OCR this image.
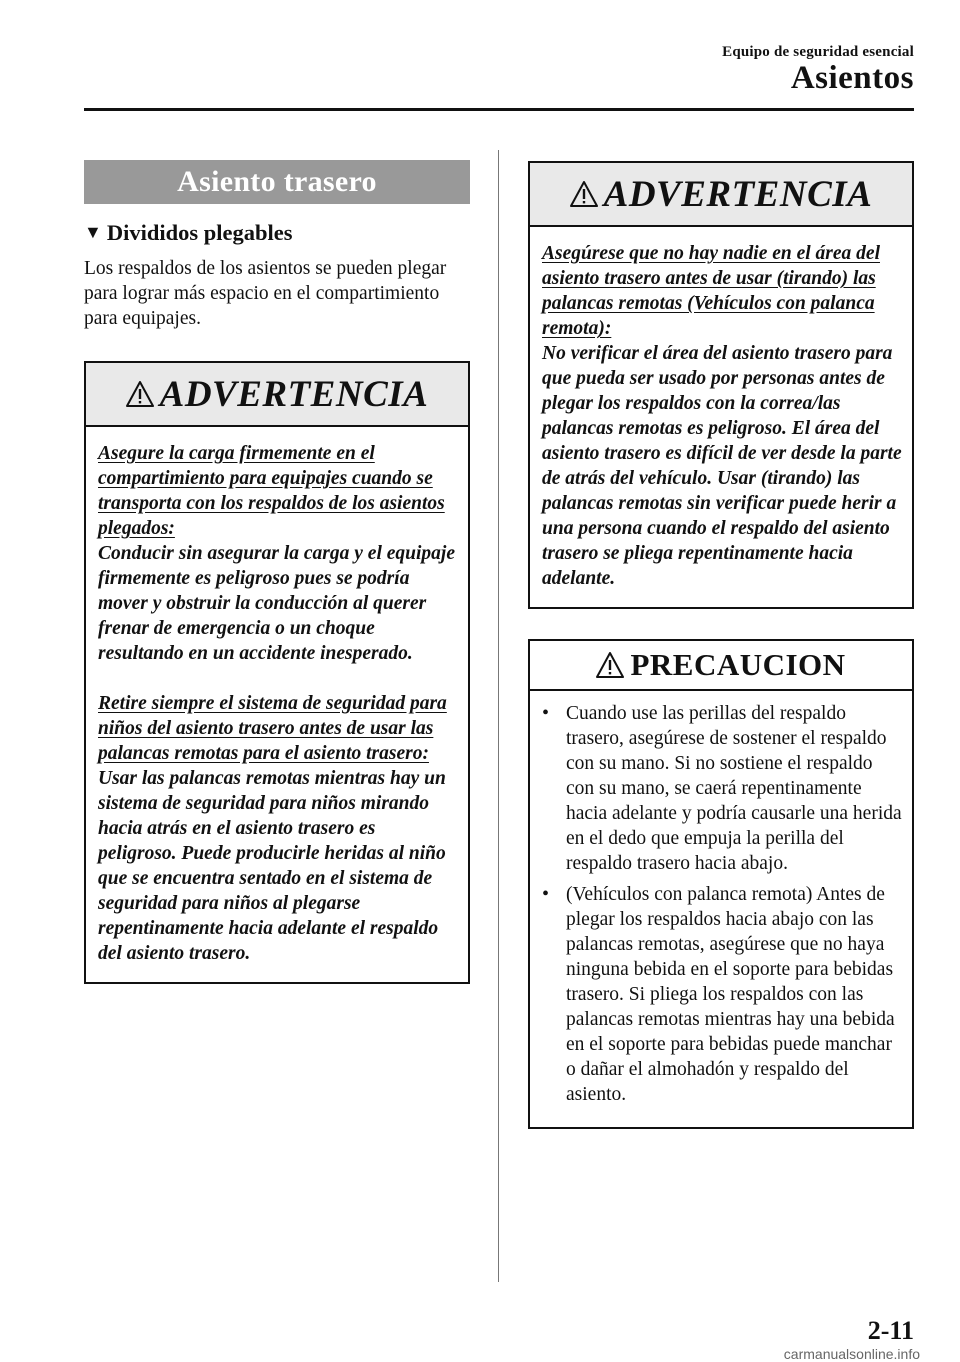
Equipo de seguridad esencial
Asientos
Asiento trasero
▼ Divididos plegables
Los respaldos de los asientos se pueden plegar para lograr más espacio en el compartimiento para equipajes.
ADVERTENCIA
Asegure la carga firmemente en el compartimiento para equipajes cuando se transporta con los respaldos de los asientos plegados:
Conducir sin asegurar la carga y el equipaje firmemente es peligroso pues se podría mover y obstruir la conducción al querer frenar de emergencia o un choque resultando en un accidente inesperado.
Retire siempre el sistema de seguridad para niños del asiento trasero antes de usar las palancas remotas para el asiento trasero:
Usar las palancas remotas mientras hay un sistema de seguridad para niños mirando hacia atrás en el asiento trasero es peligroso. Puede producirle heridas al niño que se encuentra sentado en el sistema de seguridad para niños al plegarse repentinamente hacia adelante el respaldo del asiento trasero.
ADVERTENCIA
Asegúrese que no hay nadie en el área del asiento trasero antes de usar (tirando) las palancas remotas (Vehículos con palanca remota):
No verificar el área del asiento trasero para que pueda ser usado por personas antes de plegar los respaldos con la correa/las palancas remotas es peligroso. El área del asiento trasero es difícil de ver desde la parte de atrás del vehículo. Usar (tirando) las palancas remotas sin verificar puede herir a una persona cuando el respaldo del asiento trasero se pliega repentinamente hacia adelante.
PRECAUCION
• Cuando use las perillas del respaldo trasero, asegúrese de sostener el respaldo con su mano. Si no sostiene el respaldo con su mano, se caerá repentinamente hacia adelante y podría causarle una herida en el dedo que empuja la perilla del respaldo trasero hacia abajo.
• (Vehículos con palanca remota) Antes de plegar los respaldos hacia abajo con las palancas remotas, asegúrese que no haya ninguna bebida en el soporte para bebidas trasero. Si pliega los respaldos con las palancas remotas mientras hay una bebida en el soporte para bebidas puede manchar o dañar el almohadón y respaldo del asiento.
2-11
carmanualsonline.info
